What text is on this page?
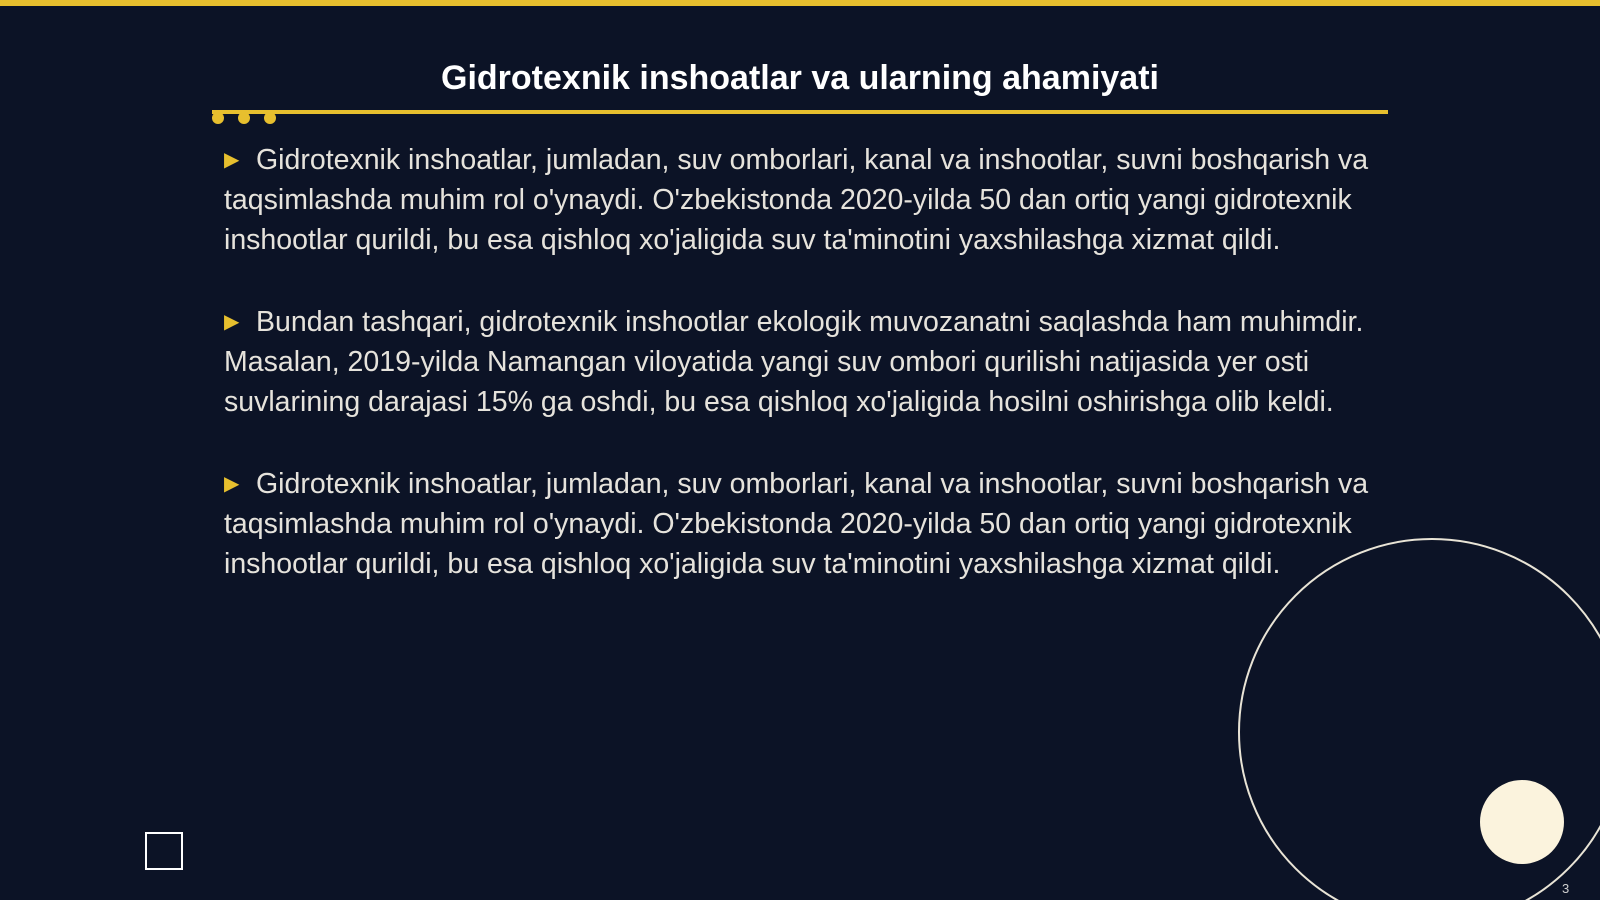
Gidrotexnik inshoatlar va ularning ahamiyati
▶ Gidrotexnik inshoatlar, jumladan, suv omborlari, kanal va inshootlar, suvni boshqarish va taqsimlashda muhim rol o'ynaydi. O'zbekistonda 2020-yilda 50 dan ortiq yangi gidrotexnik inshootlar qurildi, bu esa qishloq xo'jaligida suv ta'minotini yaxshilashga xizmat qildi.
▶ Bundan tashqari, gidrotexnik inshootlar ekologik muvozanatni saqlashda ham muhimdir. Masalan, 2019-yilda Namangan viloyatida yangi suv ombori qurilishi natijasida yer osti suvlarining darajasi 15% ga oshdi, bu esa qishloq xo'jaligida hosilni oshirishga olib keldi.
▶ Gidrotexnik inshoatlar, jumladan, suv omborlari, kanal va inshootlar, suvni boshqarish va taqsimlashda muhim rol o'ynaydi. O'zbekistonda 2020-yilda 50 dan ortiq yangi gidrotexnik inshootlar qurildi, bu esa qishloq xo'jaligida suv ta'minotini yaxshilashga xizmat qildi.
3
